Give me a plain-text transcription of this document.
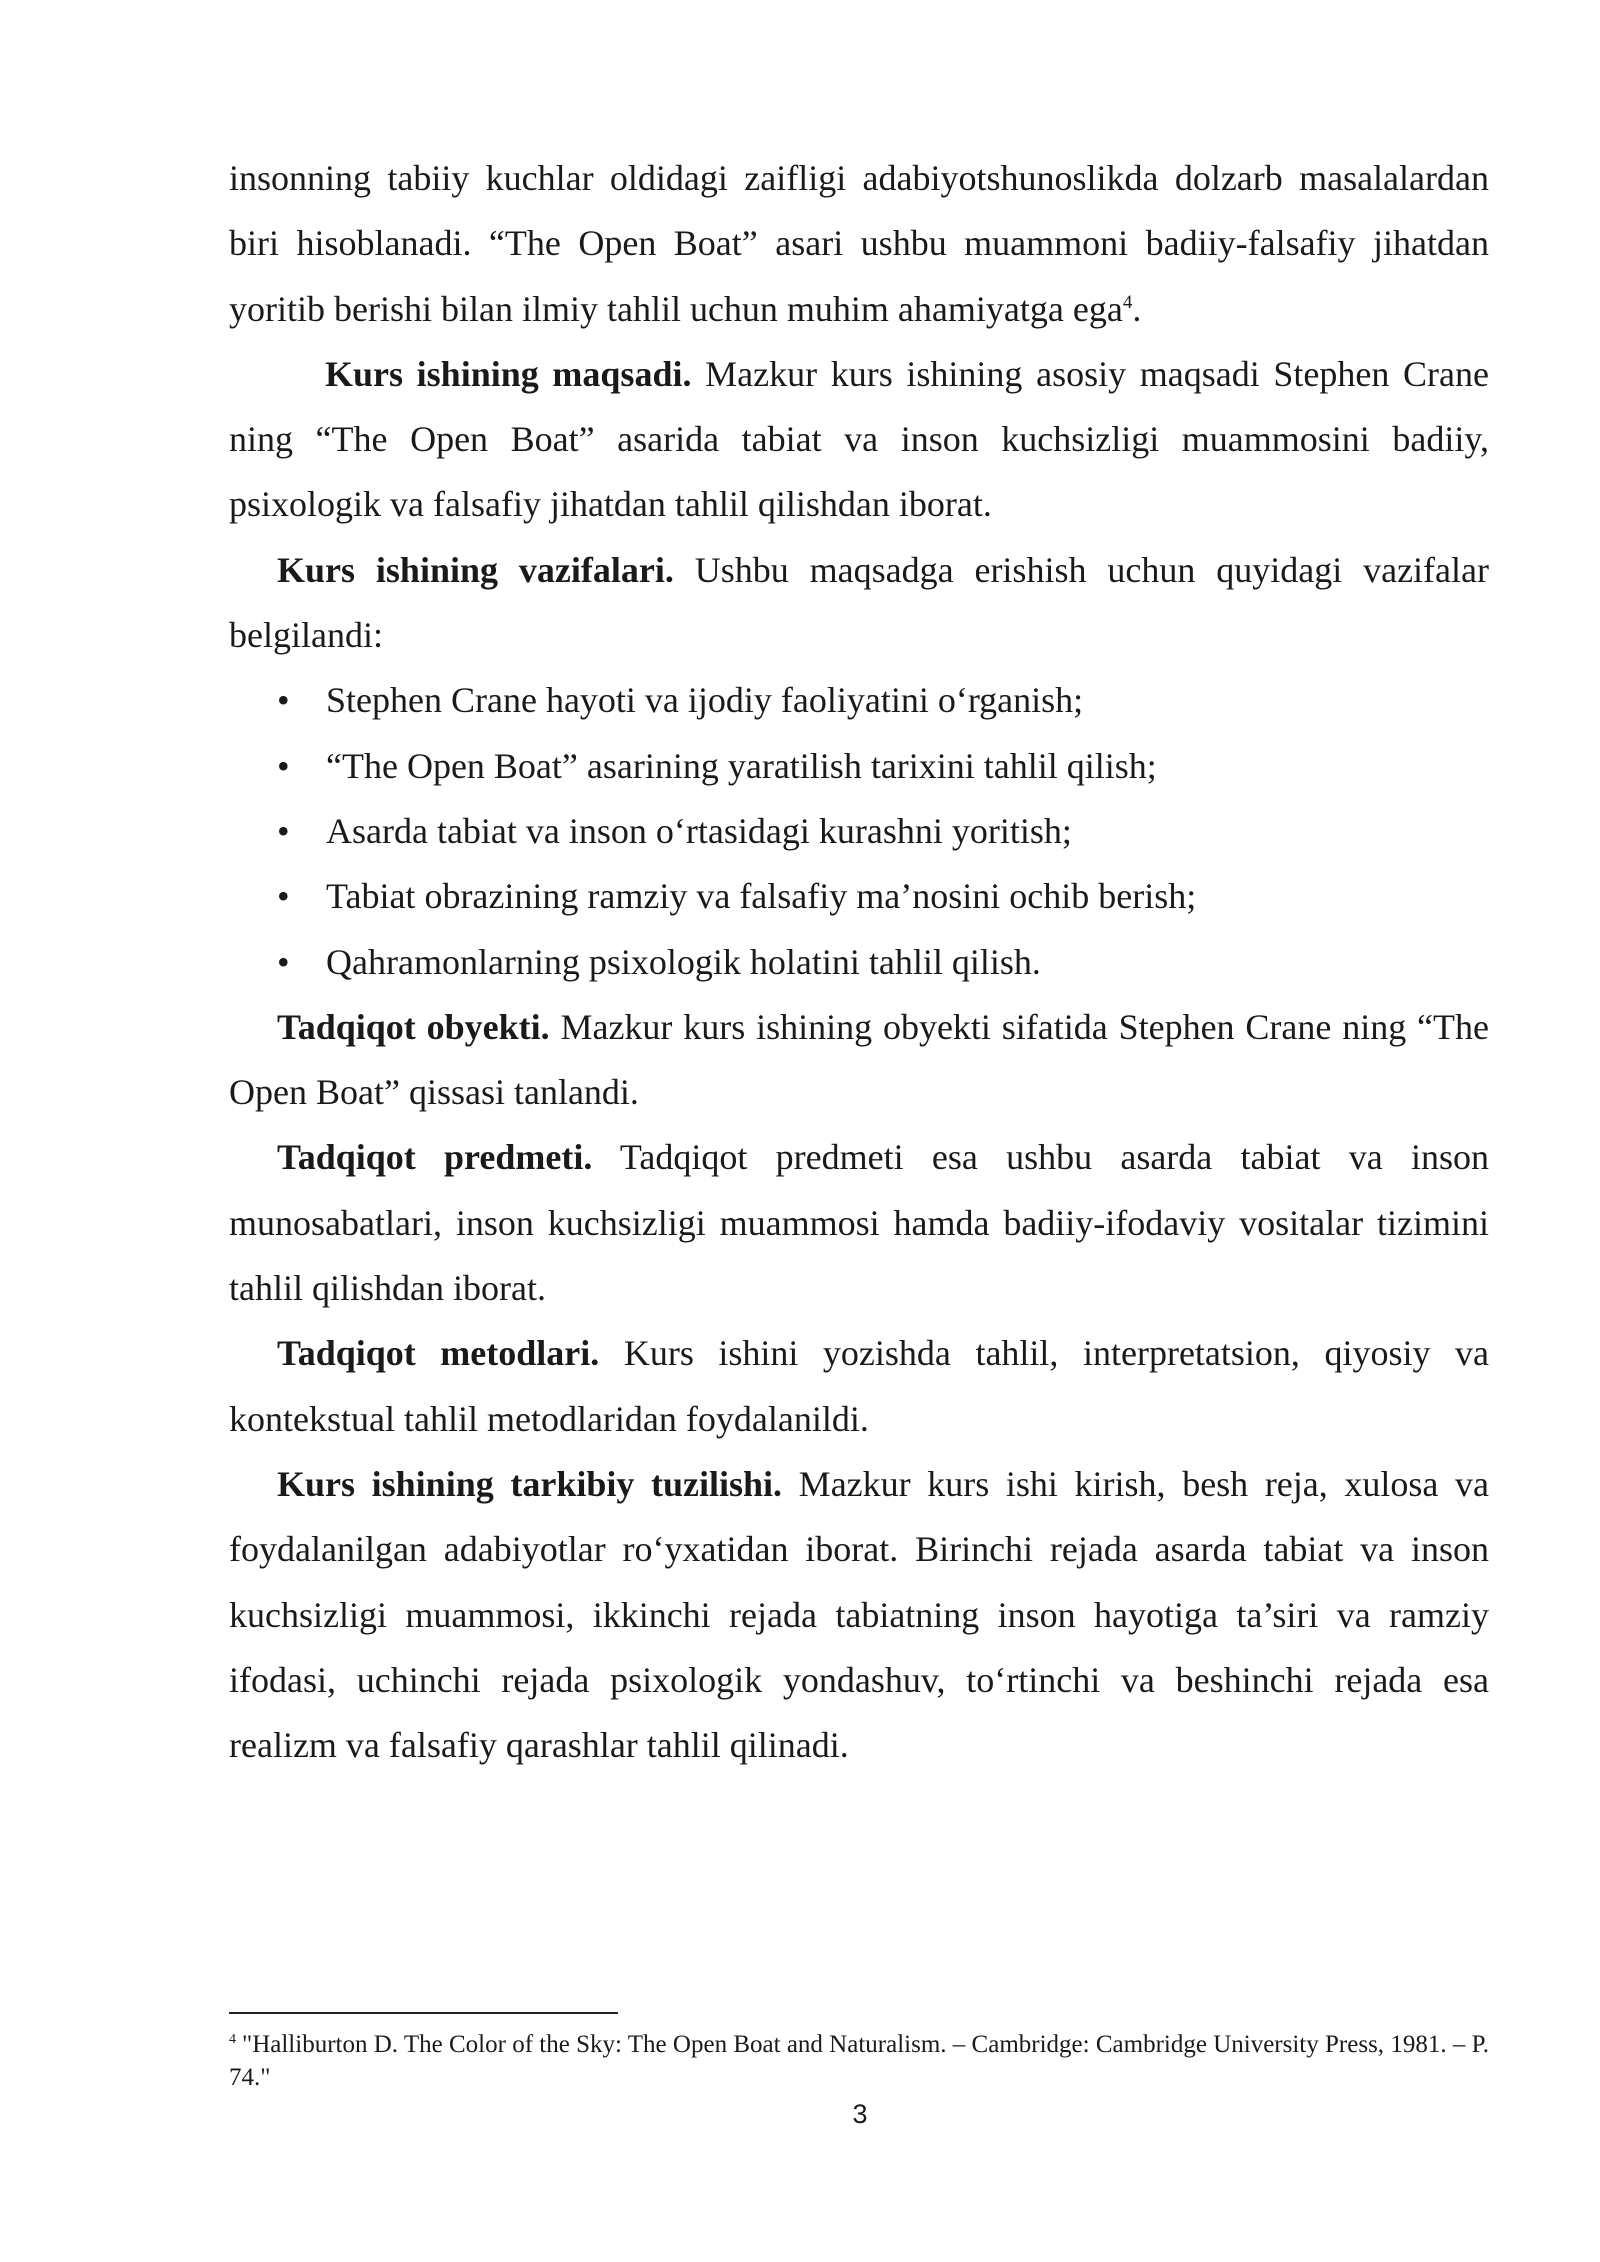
insonning tabiiy kuchlar oldidagi zaifligi adabiyotshunoslikda dolzarb masalalardan biri hisoblanadi. “The Open Boat” asari ushbu muammoni badiiy-falsafiy jihatdan yoritib berishi bilan ilmiy tahlil uchun muhim ahamiyatga ega$^4$.

Kurs ishining maqsadi. Mazkur kurs ishining asosiy maqsadi Stephen Crane ning “The Open Boat” asarida tabiat va inson kuchsizligi muammosini badiiy, psixologik va falsafiy jihatdan tahlil qilishdan iborat.

Kurs ishining vazifalari. Ushbu maqsadga erishish uchun quyidagi vazifalar belgilandi:

• Stephen Crane hayoti va ijodiy faoliyatini o‘rganish;
• “The Open Boat” asarining yaratilish tarixini tahlil qilish;
• Asarda tabiat va inson o‘rtasidagi kurashni yoritish;
• Tabiat obrazining ramziy va falsafiy ma’nosini ochib berish;
• Qahramonlarning psixologik holatini tahlil qilish.

Tadqiqot obyekti. Mazkur kurs ishining obyekti sifatida Stephen Crane ning “The Open Boat” qissasi tanlandi.

Tadqiqot predmeti. Tadqiqot predmeti esa ushbu asarda tabiat va inson munosabatlari, inson kuchsizligi muammosi hamda badiiy-ifodaviy vositalar tizimini tahlil qilishdan iborat.

Tadqiqot metodlari. Kurs ishini yozishda tahlil, interpretatsion, qiyosiy va kontekstual tahlil metodlaridan foydalanildi.

Kurs ishining tarkibiy tuzilishi. Mazkur kurs ishi kirish, besh reja, xulosa va foydalanilgan adabiyotlar ro‘yxatidan iborat. Birinchi rejada asarda tabiat va inson kuchsizligi muammosi, ikkinchi rejada tabiatning inson hayotiga ta’siri va ramziy ifodasi, uchinchi rejada psixologik yondashuv, to‘rtinchi va beshinchi rejada esa realizm va falsafiy qarashlar tahlil qilinadi.

$^4$ "Halliburton D. The Color of the Sky: The Open Boat and Naturalism. – Cambridge: Cambridge University Press, 1981. – P. 74."
3
